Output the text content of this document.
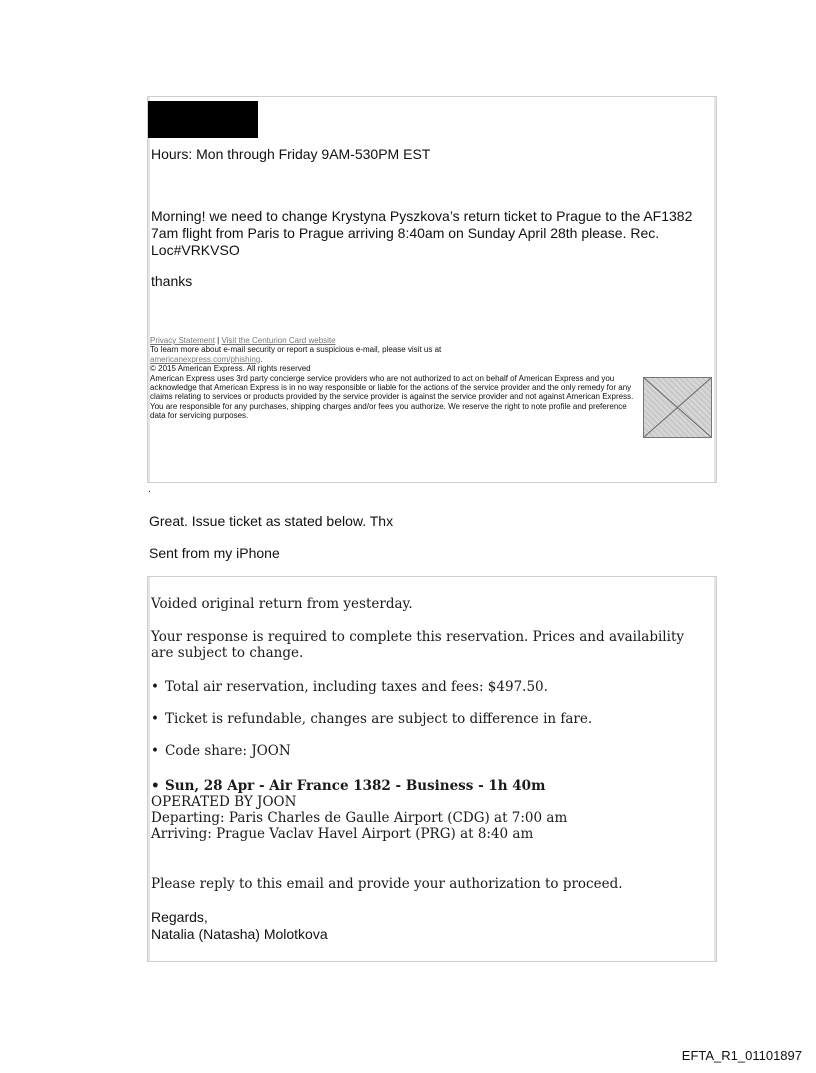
Hours: Mon through Friday 9AM-530PM EST
Morning! we need to change Krystyna Pyszkova’s return ticket to Prague to the AF1382 7am flight from Paris to Prague arriving 8:40am on Sunday April 28th please. Rec. Loc#VRKVSO
thanks
Privacy Statement | Visit the Centurion Card website
To learn more about e-mail security or report a suspicious e-mail, please visit us at
americanexpress.com/phishing.
© 2015 American Express. All rights reserved
American Express uses 3rd party concierge service providers who are not authorized to act on behalf of American Express and you acknowledge that American Express is in no way responsible or liable for the actions of the service provider and the only remedy for any claims relating to services or products provided by the service provider is against the service provider and not against American Express. You are responsible for any purchases, shipping charges and/or fees you authorize. We reserve the right to note profile and preference data for servicing purposes.
.
Great. Issue ticket as stated below. Thx
Sent from my iPhone
Voided original return from yesterday.
Your response is required to complete this reservation. Prices and availability are subject to change.
• Total air reservation, including taxes and fees: $497.50.
• Ticket is refundable, changes are subject to difference in fare.
• Code share: JOON
• Sun, 28 Apr - Air France 1382 - Business - 1h 40m
OPERATED BY JOON
Departing: Paris Charles de Gaulle Airport (CDG) at 7:00 am
Arriving: Prague Vaclav Havel Airport (PRG) at 8:40 am
Please reply to this email and provide your authorization to proceed.
Regards,
Natalia (Natasha) Molotkova
EFTA_R1_01101897
